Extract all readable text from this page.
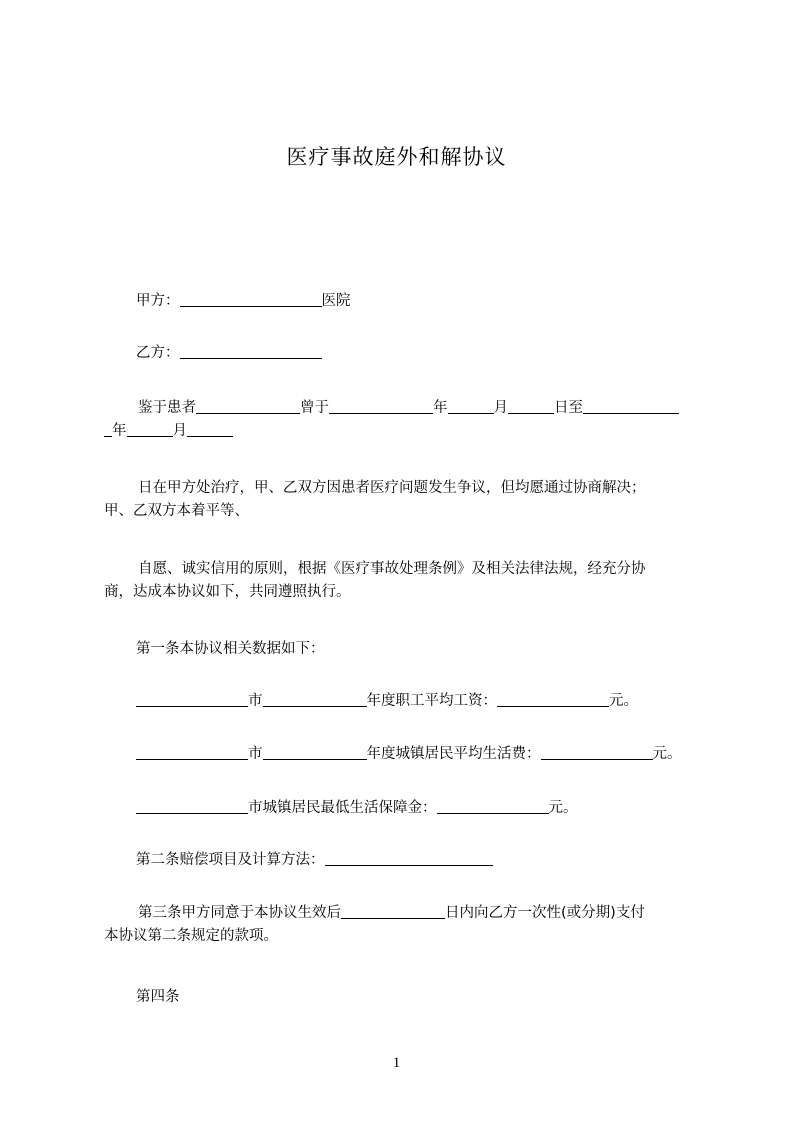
医疗事故庭外和解协议
甲方：	医院
乙方：
鉴于患者	曾于	年	月	日至
年	月
日在甲方处治疗，甲、乙双方因患者医疗问题发生争议，但均愿通过协商解决；
甲、乙双方本着平等、
自愿、诚实信用的原则，根据《医疗事故处理条例》及相关法律法规，经充分协
商，达成本协议如下，共同遵照执行。
第一条本协议相关数据如下：
市	年度职工平均工资：	元。
市	年度城镇居民平均生活费：	元。
市城镇居民最低生活保障金：	元。
第二条赔偿项目及计算方法：
第三条甲方同意于本协议生效后	日内向乙方一次性(或分期)支付
本协议第二条规定的款项。
第四条
1
